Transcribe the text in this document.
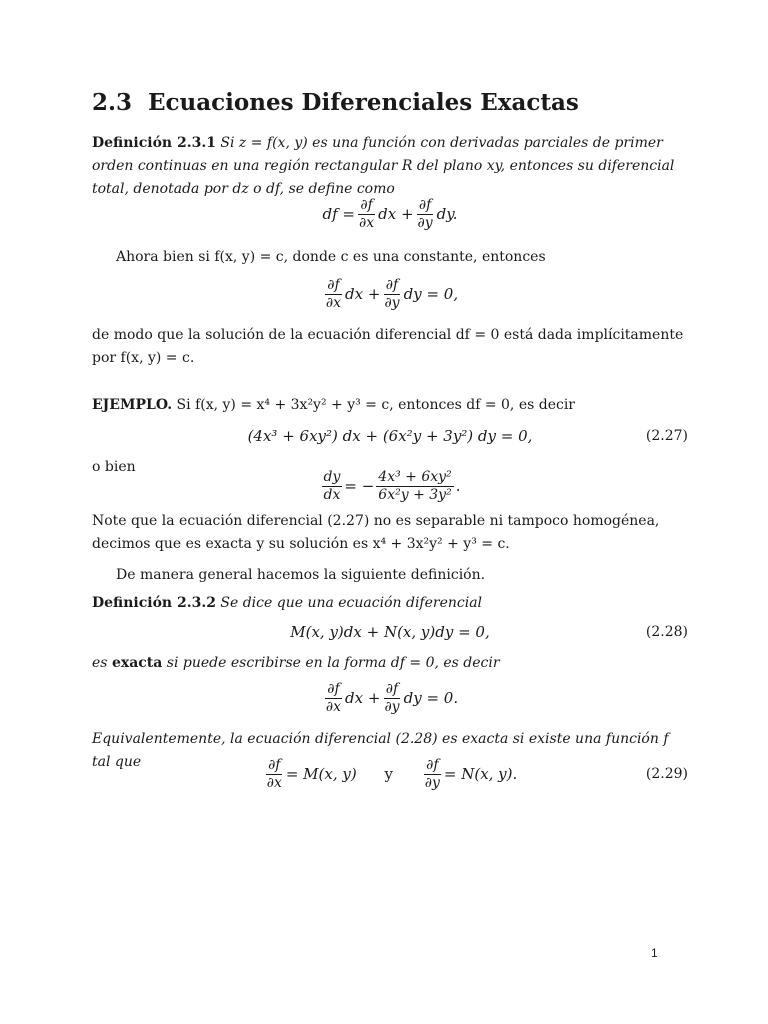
2.3 Ecuaciones Diferenciales Exactas
Definición 2.3.1 Si z = f(x, y) es una función con derivadas parciales de primer orden continuas en una región rectangular R del plano xy, entonces su diferencial total, denotada por dz o df, se define como
df = $\frac{\partial f}{\partial x}$ dx + $\frac{\partial f}{\partial y}$ dy.
Ahora bien si f(x, y) = c, donde c es una constante, entonces
$\frac{\partial f}{\partial x}$ dx + $\frac{\partial f}{\partial y}$ dy = 0,
de modo que la solución de la ecuación diferencial df = 0 está dada implícitamente por f(x, y) = c.
EJEMPLO. Si f(x, y) = x⁴ + 3x²y² + y³ = c, entonces df = 0, es decir
(4x³ + 6xy²) dx + (6x²y + 3y²) dy = 0,	(2.27)
o bien
$\frac{dy}{dx}$ = − $\frac{\text{4x³ + 6xy²}}{\text{6x²y + 3y²}}$ .
Note que la ecuación diferencial (2.27) no es separable ni tampoco homogénea, decimos que es exacta y su solución es x⁴ + 3x²y² + y³ = c.
De manera general hacemos la siguiente definición.
Definición 2.3.2 Se dice que una ecuación diferencial
M(x, y)dx + N(x, y)dy = 0,	(2.28)
es exacta si puede escribirse en la forma df = 0, es decir
$\frac{\partial f}{\partial x}$ dx + $\frac{\partial f}{\partial y}$ dy = 0.
Equivalentemente, la ecuación diferencial (2.28) es exacta si existe una función f tal que	$\frac{\partial f}{\partial x} = M(x$, y)	y	$\frac{\partial f}{\partial y} = N(x$, y).	(2.29)
1
